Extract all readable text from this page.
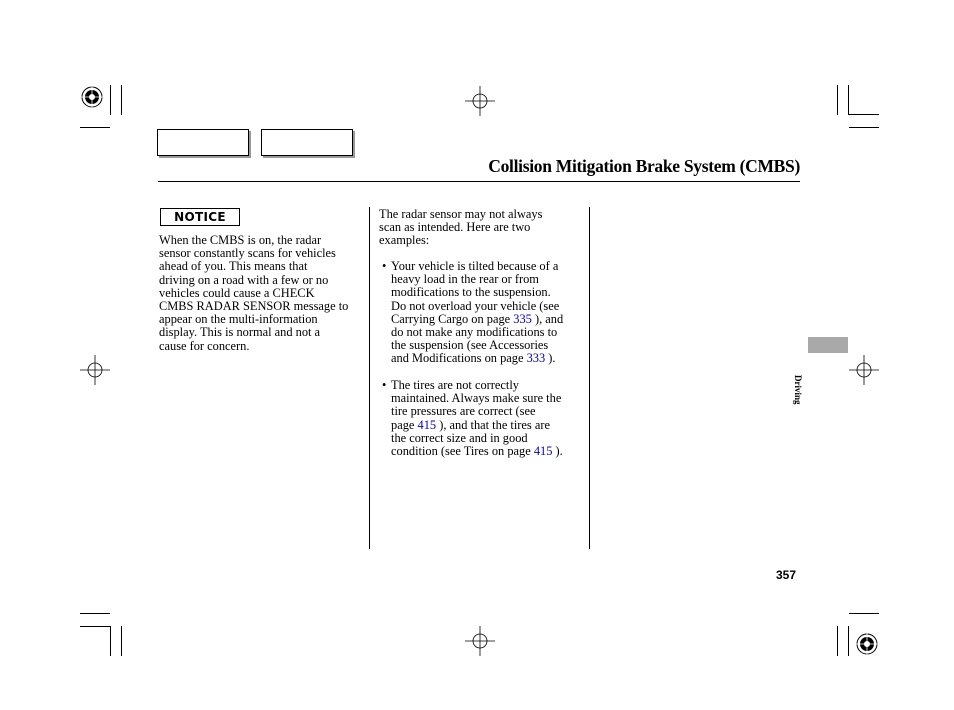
Collision Mitigation Brake System (CMBS)
NOTICE
When the CMBS is on, the radar
sensor constantly scans for vehicles
ahead of you. This means that
driving on a road with a few or no
vehicles could cause a CHECK
CMBS RADAR SENSOR message to
appear on the multi-information
display. This is normal and not a
cause for concern.
The radar sensor may not always
scan as intended. Here are two
examples:
• Your vehicle is tilted because of a
heavy load in the rear or from
modifications to the suspension.
Do not overload your vehicle (see
Carrying Cargo on page 335 ), and
do not make any modifications to
the suspension (see Accessories
and Modifications on page 333 ).
• The tires are not correctly
maintained. Always make sure the
tire pressures are correct (see
page 415 ), and that the tires are
the correct size and in good
condition (see Tires on page 415 ).
Driving
357
